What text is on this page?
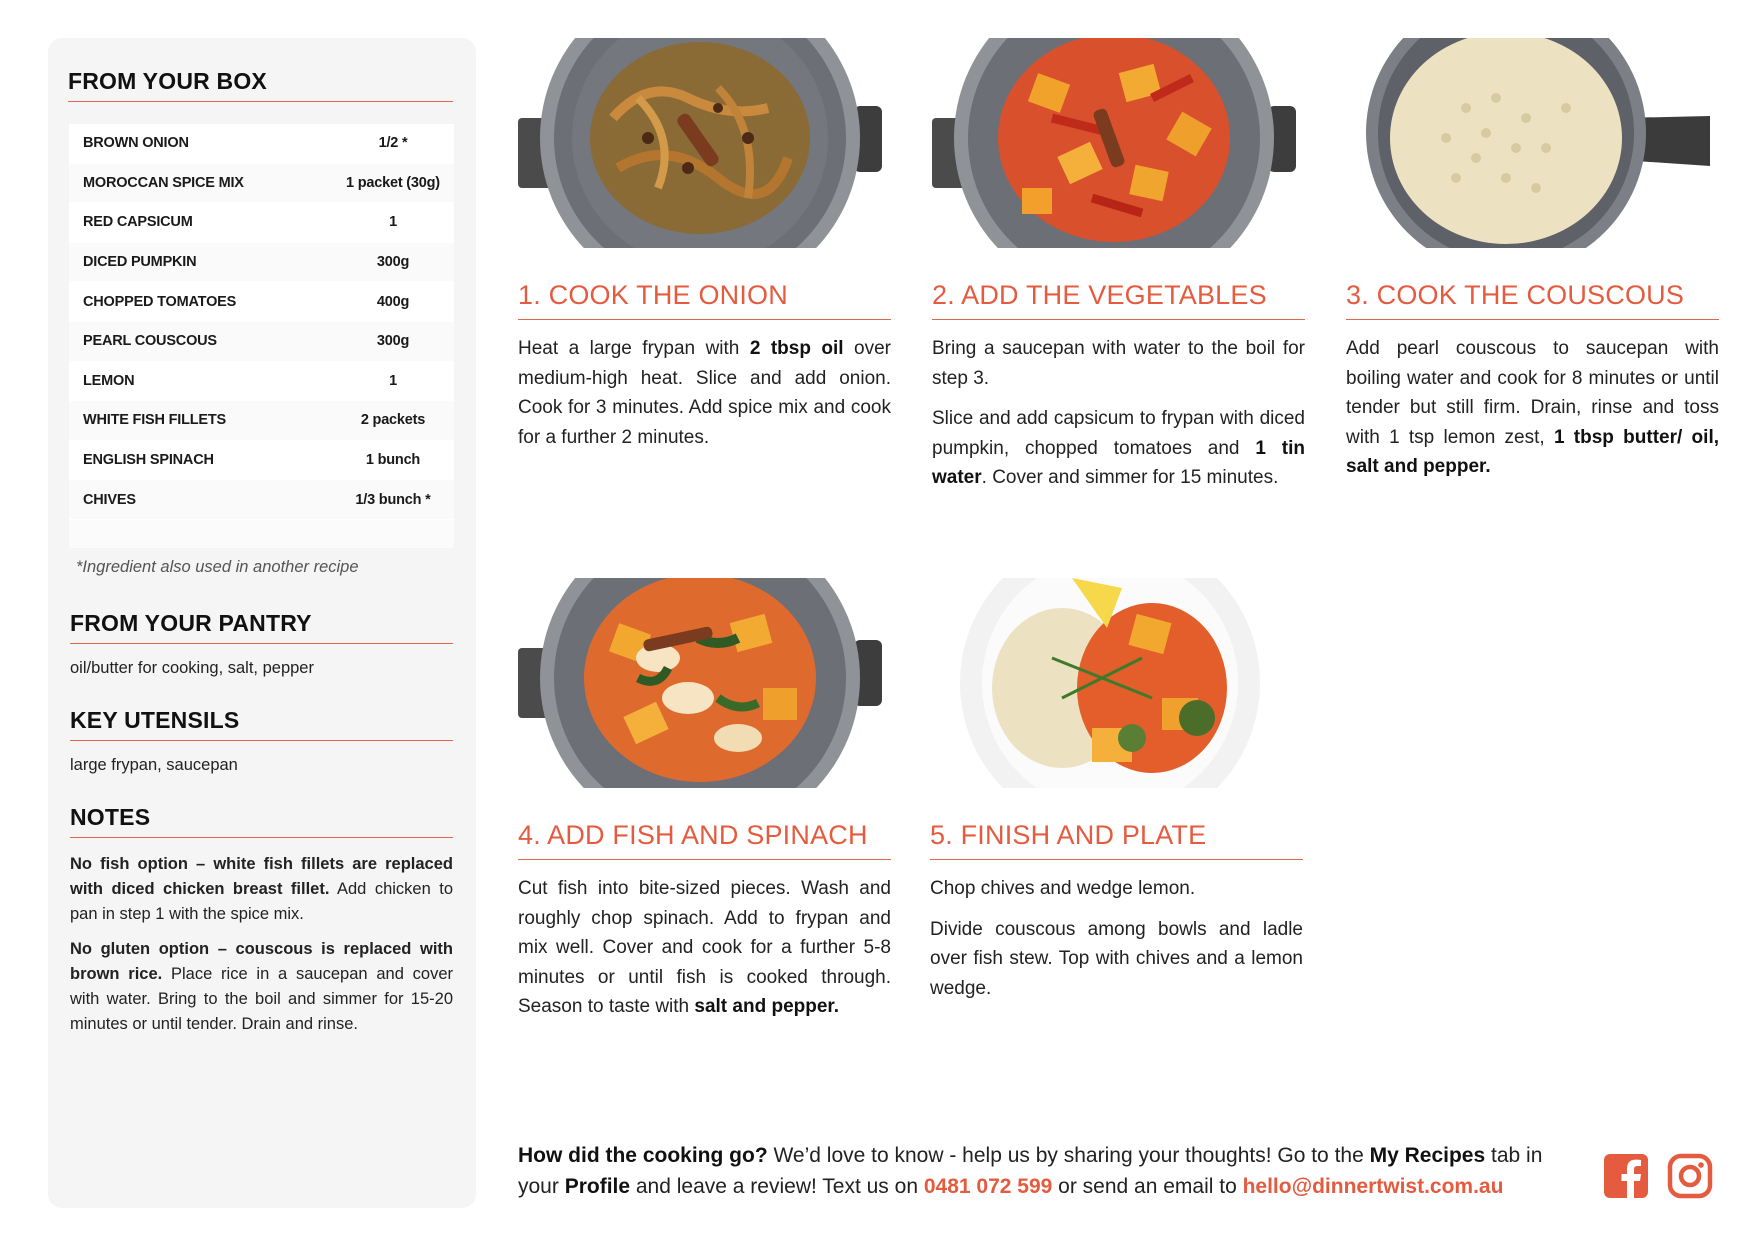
FROM YOUR BOX
BROWN ONION	1/2 *
MOROCCAN SPICE MIX	1 packet (30g)
RED CAPSICUM	1
DICED PUMPKIN	300g
CHOPPED TOMATOES	400g
PEARL COUSCOUS	300g
LEMON	1
WHITE FISH FILLETS	2 packets
ENGLISH SPINACH	1 bunch
CHIVES	1/3 bunch *
*Ingredient also used in another recipe
FROM YOUR PANTRY
oil/butter for cooking, salt, pepper
KEY UTENSILS
large frypan, saucepan
NOTES

No fish option – white fish fillets are replaced with diced chicken breast fillet. Add chicken to pan in step 1 with the spice mix.

No gluten option – couscous is replaced with brown rice. Place rice in a saucepan and cover with water. Bring to the boil and simmer for 15-20 minutes or until tender. Drain and rinse.

1. COOK THE ONION

Heat a large frypan with 2 tbsp oil over medium-high heat. Slice and add onion. Cook for 3 minutes. Add spice mix and cook for a further 2 minutes.

2. ADD THE VEGETABLES

Bring a saucepan with water to the boil for step 3.

Slice and add capsicum to frypan with diced pumpkin, chopped tomatoes and 1 tin water. Cover and simmer for 15 minutes.

3. COOK THE COUSCOUS

Add pearl couscous to saucepan with boiling water and cook for 8 minutes or until tender but still firm. Drain, rinse and toss with 1 tsp lemon zest, 1 tbsp butter/ oil, salt and pepper.

4. ADD FISH AND SPINACH

Cut fish into bite-sized pieces. Wash and roughly chop spinach. Add to frypan and mix well. Cover and cook for a further 5-8 minutes or until fish is cooked through. Season to taste with salt and pepper.

5. FINISH AND PLATE

Chop chives and wedge lemon.

Divide couscous among bowls and ladle over fish stew. Top with chives and a lemon wedge.

How did the cooking go? We’d love to know - help us by sharing your thoughts! Go to the My Recipes tab in your Profile and leave a review! Text us on 0481 072 599 or send an email to hello@dinnertwist.com.au
